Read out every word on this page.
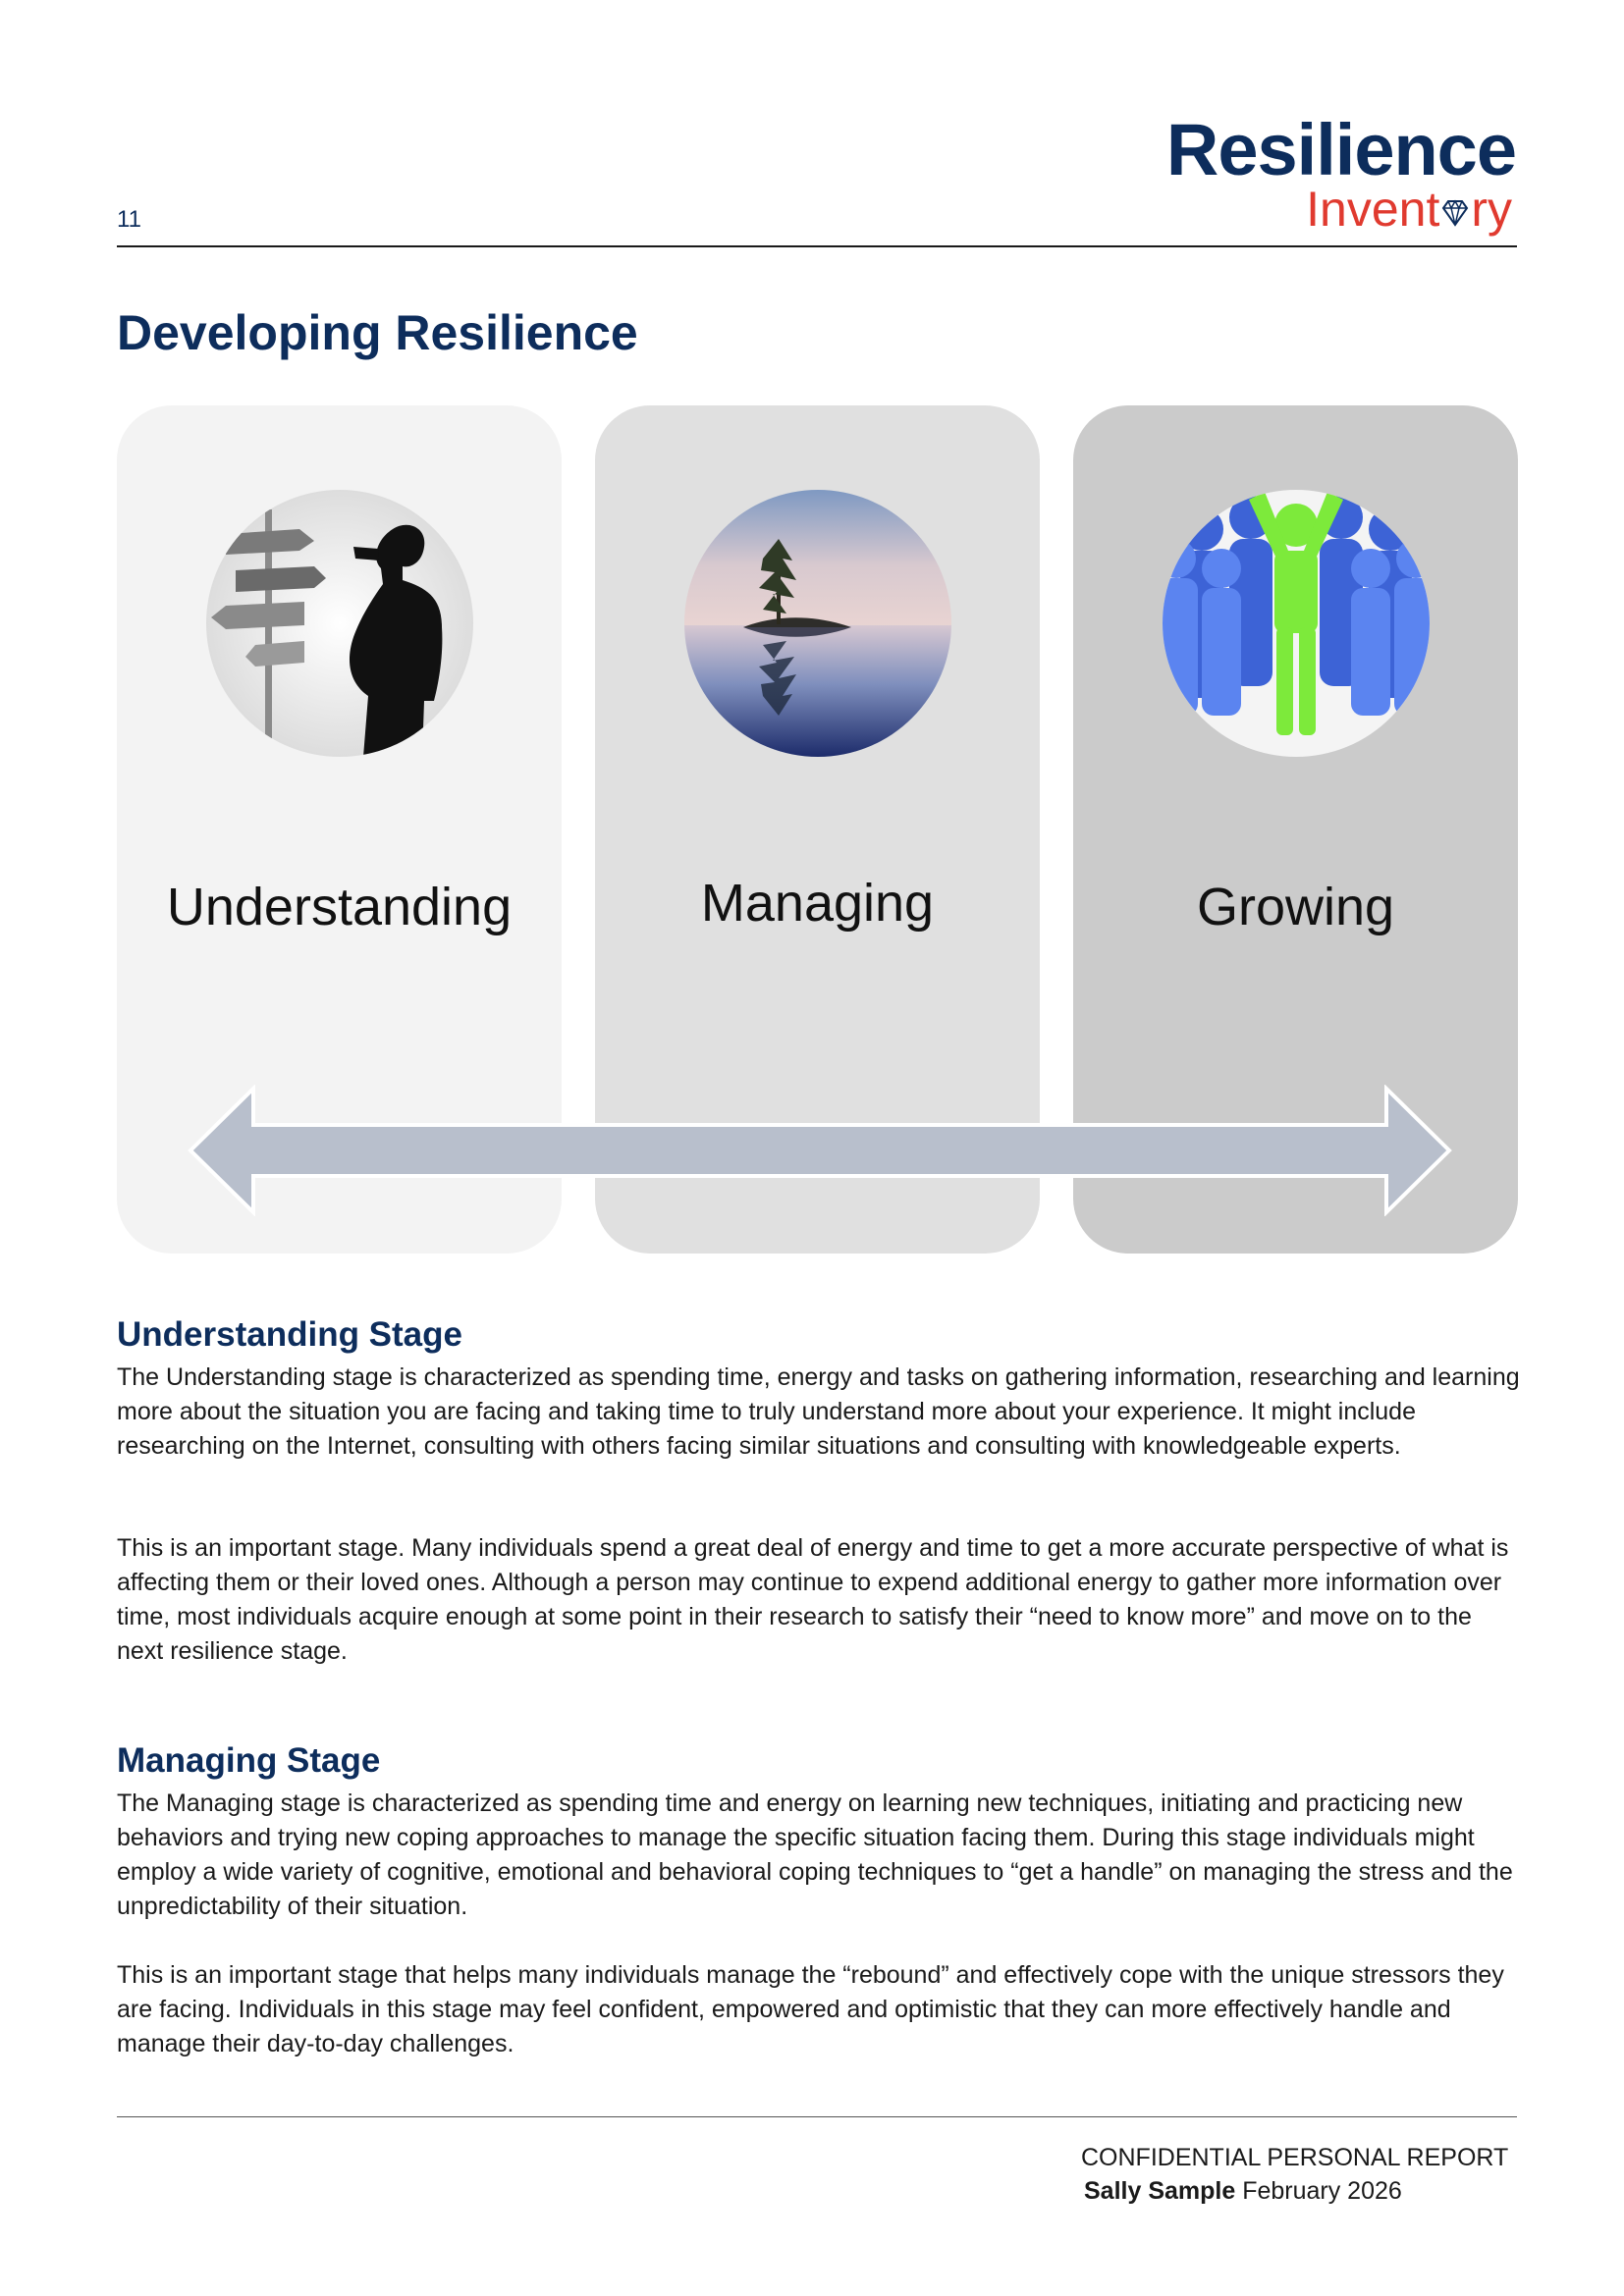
11
Resilience
Invent ry
Developing Resilience
Understanding	Managing	Growing
Understanding Stage

The Understanding stage is characterized as spending time, energy and tasks on gathering information, researching and learning more about the situation you are facing and taking time to truly understand more about your experience. It might include researching on the Internet, consulting with others facing similar situations and consulting with knowledgeable experts.

This is an important stage. Many individuals spend a great deal of energy and time to get a more accurate perspective of what is affecting them or their loved ones. Although a person may continue to expend additional energy to gather more information over time, most individuals acquire enough at some point in their research to satisfy their “need to know more” and move on to the next resilience stage.

Managing Stage

The Managing stage is characterized as spending time and energy on learning new techniques, initiating and practicing new behaviors and trying new coping approaches to manage the specific situation facing them. During this stage individuals might employ a wide variety of cognitive, emotional and behavioral coping techniques to “get a handle” on managing the stress and the unpredictability of their situation.

This is an important stage that helps many individuals manage the “rebound” and effectively cope with the unique stressors they are facing. Individuals in this stage may feel confident, empowered and optimistic that they can more effectively handle and manage their day-to-day challenges.

CONFIDENTIAL PERSONAL REPORT
Sally Sample February 2026
